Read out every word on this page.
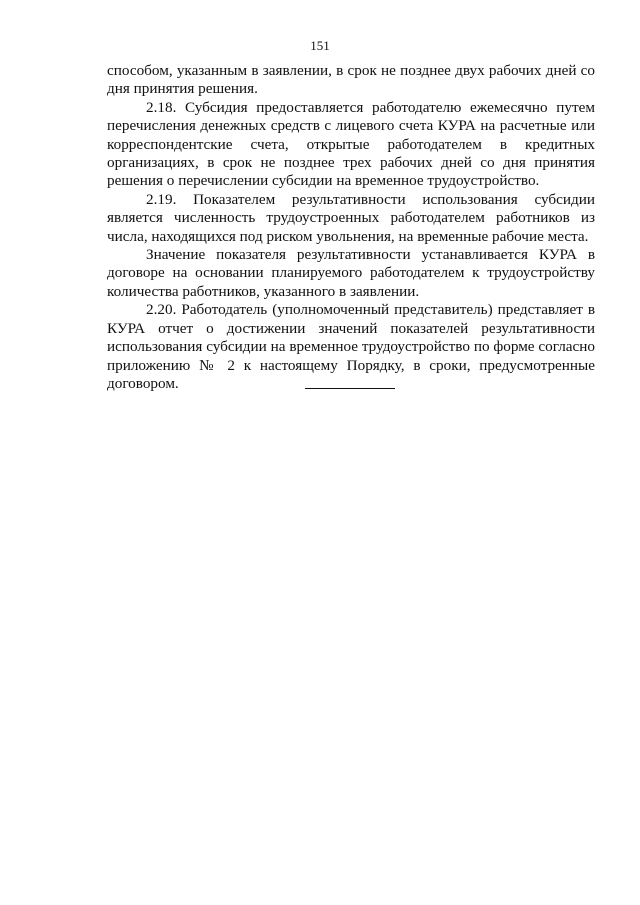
151

способом, указанным в заявлении, в срок не позднее двух рабочих дней со дня принятия решения.

2.18. Субсидия предоставляется работодателю ежемесячно путем перечисления денежных средств с лицевого счета КУРА на расчетные или корреспондентские счета, открытые работодателем в кредитных организациях, в срок не позднее трех рабочих дней со дня принятия решения о перечислении субсидии на временное трудоустройство.

2.19. Показателем результативности использования субсидии является численность трудоустроенных работодателем работников из числа, находящихся под риском увольнения, на временные рабочие места.

Значение показателя результативности устанавливается КУРА в договоре на основании планируемого работодателем к трудоустройству количества работников, указанного в заявлении.

2.20. Работодатель (уполномоченный представитель) представляет в КУРА отчет о достижении значений показателей результативности использования субсидии на временное трудоустройство по форме согласно приложению № 2 к настоящему Порядку, в сроки, предусмотренные договором.
